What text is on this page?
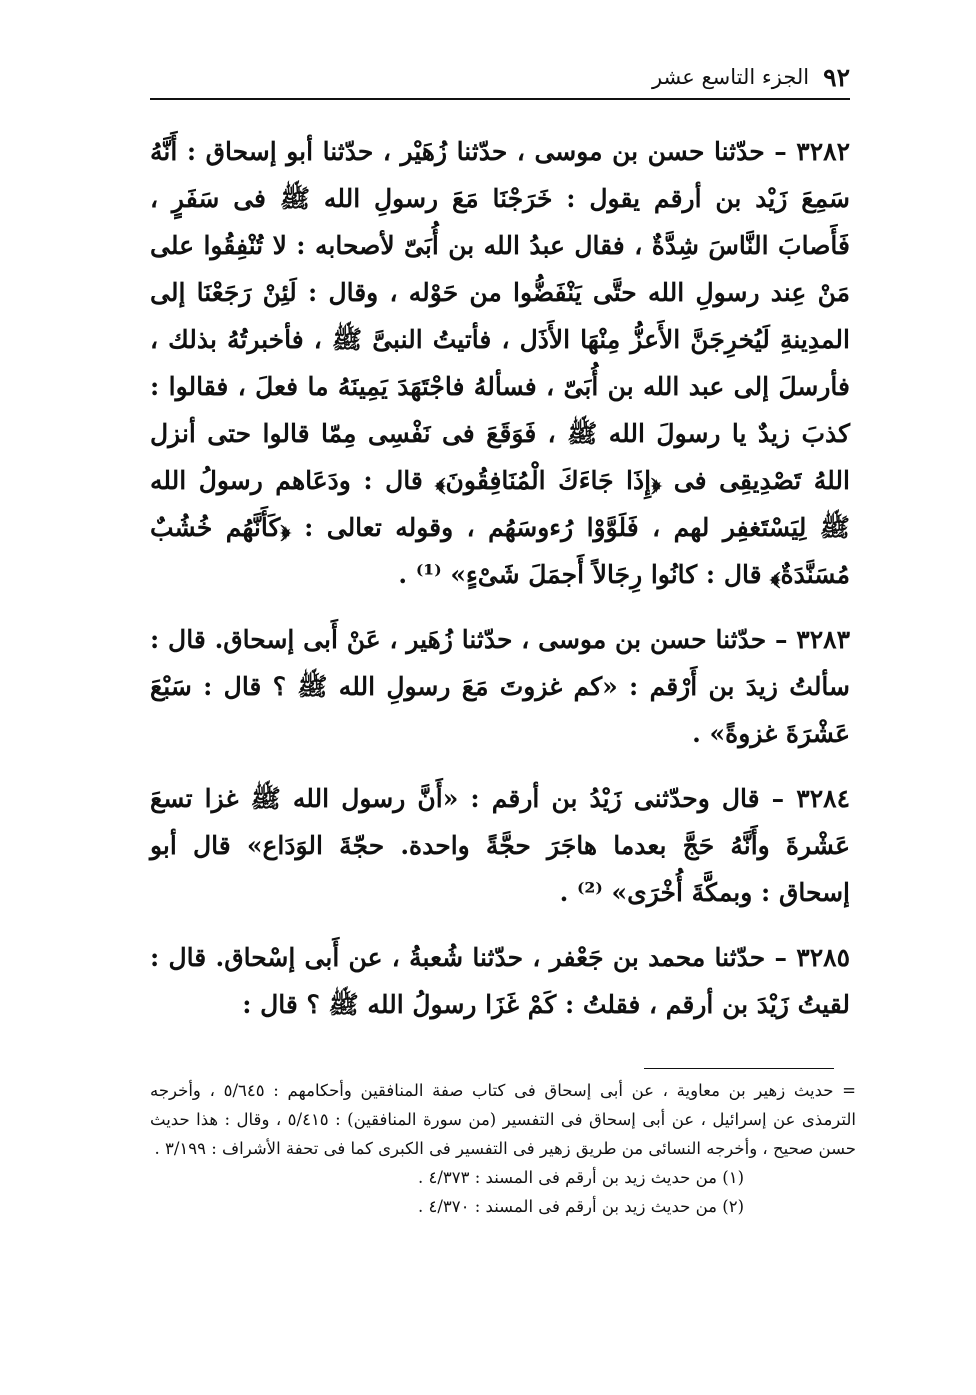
٩٢
الجزء التاسع عشر

٣٢٨٢ – حدّثنا حسن بن موسى ، حدّثنا زُهَيْر ، حدّثنا أبو إسحاق : أَنَّهُ سَمِعَ زَيْد بن أرقم يقول : خَرَجْنَا مَعَ رسولِ الله ﷺ فى سَفَرٍ ، فَأَصابَ النَّاسَ شِدَّةٌ ، فقال عبدُ الله بن أُبَىّ لأصحابه : لا تُنْفِقُوا على مَنْ عِند رسولِ الله حتَّى يَنْفَضُّوا من حَوْله ، وقال : لَئِنْ رَجَعْنَا إلى المدِينةِ لَيُخرِجَنَّ الأَعزُّ مِنْهَا الأَذَل ، فأتيتُ النبىَّ ﷺ ، فأخبرتُهُ بذلك ، فأرسلَ إلى عبد الله بن أُبَىّ ، فسألهُ فاجْتَهَدَ يَمِينَهُ ما فعلَ ، فقالوا : كذبَ زيدٌ يا رسولَ الله ﷺ ، فَوَقَعَ فى نَفْسِى مِمّا قالوا حتى أنزل اللهُ تَصْدِيقِى فى ﴿إِذَا جَاءَكَ الْمُنَافِقُونَ﴾ قال : ودَعَاهم رسولُ الله ﷺ لِيَسْتَغفِر لهم ، فَلَوَّوْا رُءوسَهُم ، وقوله تعالى : ﴿كَأَنَّهُم خُشُبٌ مُسَنَّدَةٌ﴾ قال : كانُوا رِجَالاً أَجمَلَ شَىْءٍ» ⁽¹⁾ .

٣٢٨٣ – حدّثنا حسن بن موسى ، حدّثنا زُهَير ، عَنْ أَبى إسحاق. قال : سألتُ زيدَ بن أَرْقم : «كم غزوتَ مَعَ رسولِ الله ﷺ ؟ قال : سَبْعَ عَشْرَةَ غزوةً» .

٣٢٨٤ – قال وحدّثنى زَيْدُ بن أرقم : «أَنَّ رسول الله ﷺ غزا تسعَ عَشْرةَ وأَنَّهُ حَجَّ بعدما هاجَرَ حجَّةً واحدة. حجّةَ الوَدَاع» قال أبو إسحاق : وبمكَّةَ أُخْرَى» ⁽²⁾ .

٣٢٨٥ – حدّثنا محمد بن جَعْفر ، حدّثنا شُعبةُ ، عن أَبى إسْحاق. قال : لقيتُ زَيْدَ بن أرقم ، فقلتُ : كَمْ غَزَا رسولُ الله ﷺ ؟ قال :

= حديث زهير بن معاوية ، عن أبى إسحاق فى كتاب صفة المنافقين وأحكامهم : ٥/٦٤٥ ، وأخرجه الترمذى عن إسرائيل ، عن أبى إسحاق فى التفسير (من سورة المنافقين) : ٥/٤١٥ ، وقال : هذا حديث حسن صحيح ، وأخرجه النسائى من طريق زهير فى التفسير فى الكبرى كما فى تحفة الأشراف : ٣/١٩٩ .

(١) من حديث زيد بن أرقم فى المسند : ٤/٣٧٣ .

(٢) من حديث زيد بن أرقم فى المسند : ٤/٣٧٠ .
